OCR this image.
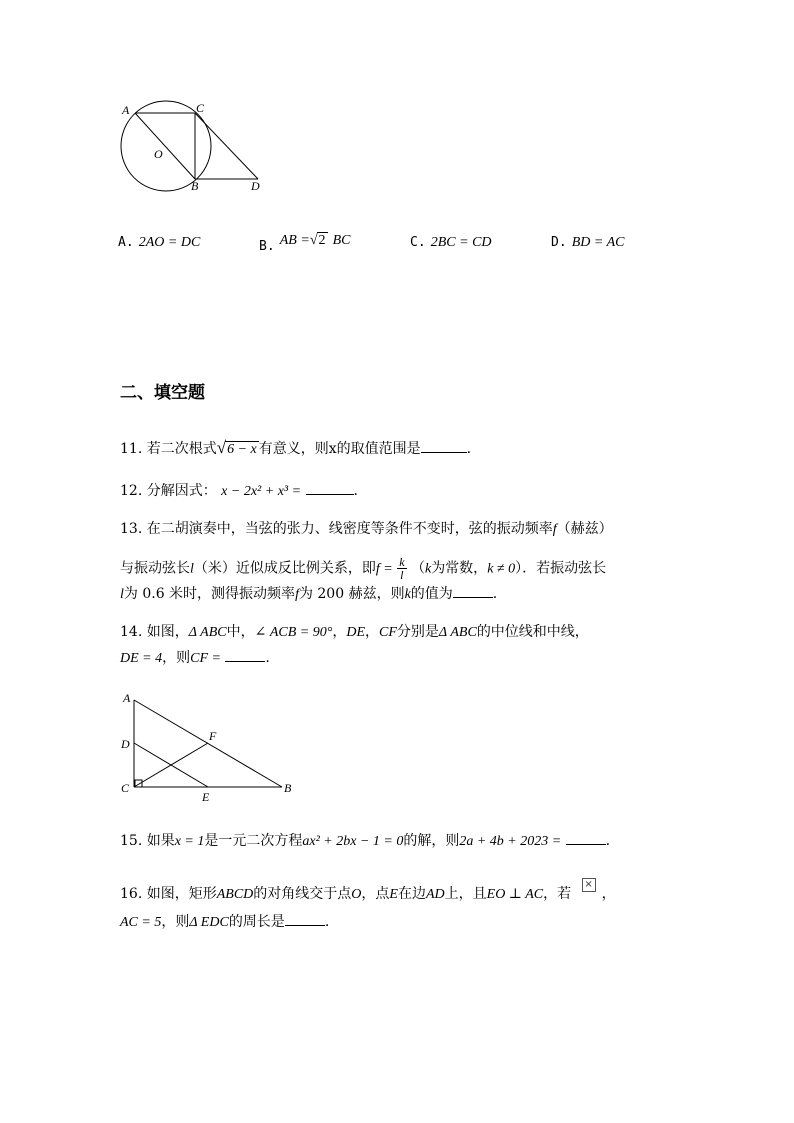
A	C
O
B	D
A. 2AO = DC	$_{B.}$ AB =√2 BC	C. 2BC = CD	D. BD = AC
二、填空题
11. 若二次根式√6 − x 有意义，则x的取值范围是	.
12. 分解因式： x − 2x² + x³ =	.
13. 在二胡演奏中，当弦的张力、线密度等条件不变时，弦的振动频率f（赫兹）
与振动弦长l（米）近似成反比例关系，即$f = \frac{k}{l} (k$为常数，k ≠ 0）．若振动弦长
l为 0.6 米时，测得振动频率f为 200 赫兹，则k的值为	.
14. 如图，Δ ABC中，∠ ACB = 90°，DE，CF分别是Δ ABC的中位线和中线，
DE = 4，则CF =	.
A
D
F
C
E
B
15. 如果x = 1是一元二次方程ax² + 2bx − 1 = 0的解，则2a + 4b + 2023 =	.
16. 如图，矩形ABCD的对角线交于点O，点E在边AD上，且EO ⊥ AC，若 ×，
AC = 5，则Δ EDC的周长是	.
